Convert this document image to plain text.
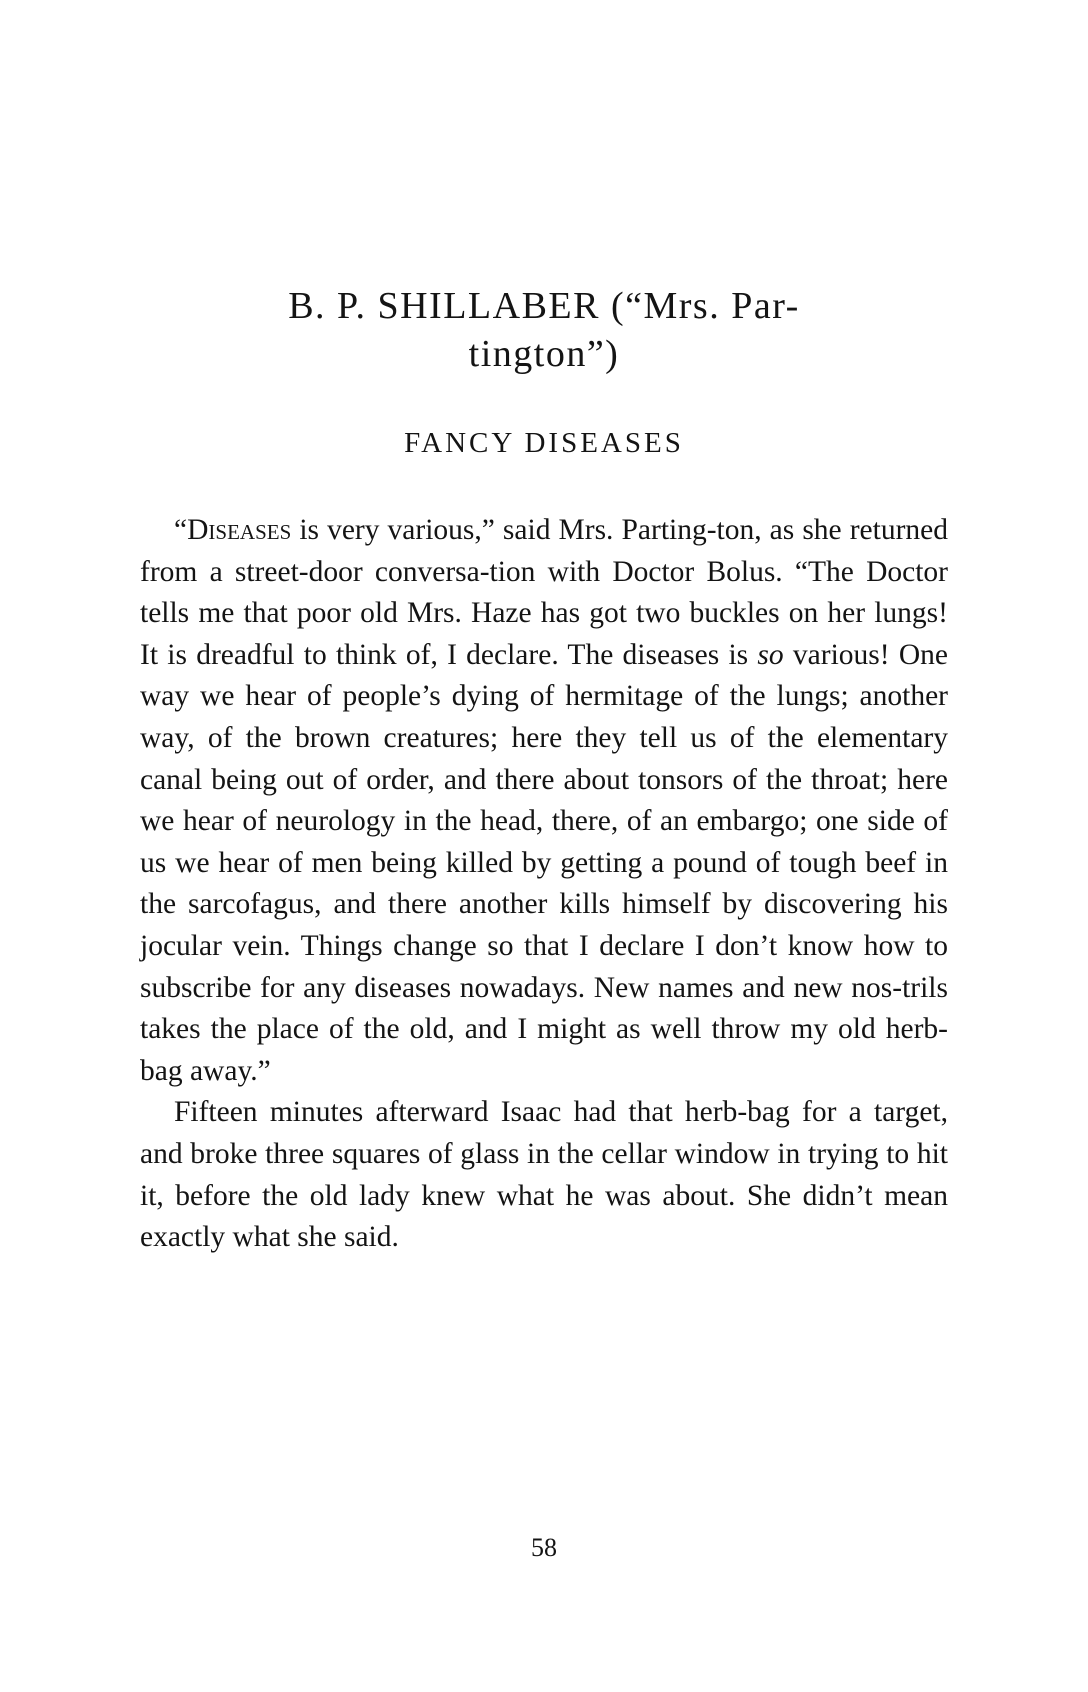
B. P. SHILLABER (“Mrs. Par-
tington”)
FANCY DISEASES

“Diseases is very various,” said Mrs. Parting-ton, as she returned from a street-door conversa-tion with Doctor Bolus. “The Doctor tells me that poor old Mrs. Haze has got two buckles on her lungs! It is dreadful to think of, I declare. The diseases is so various! One way we hear of people’s dying of hermitage of the lungs; another way, of the brown creatures; here they tell us of the elementary canal being out of order, and there about tonsors of the throat; here we hear of neurology in the head, there, of an embargo; one side of us we hear of men being killed by getting a pound of tough beef in the sarcofagus, and there another kills himself by discovering his jocular vein. Things change so that I declare I don’t know how to subscribe for any diseases nowadays. New names and new nos-trils takes the place of the old, and I might as well throw my old herb-bag away.”

Fifteen minutes afterward Isaac had that herb-bag for a target, and broke three squares of glass in the cellar window in trying to hit it, before the old lady knew what he was about. She didn’t mean exactly what she said.

58
